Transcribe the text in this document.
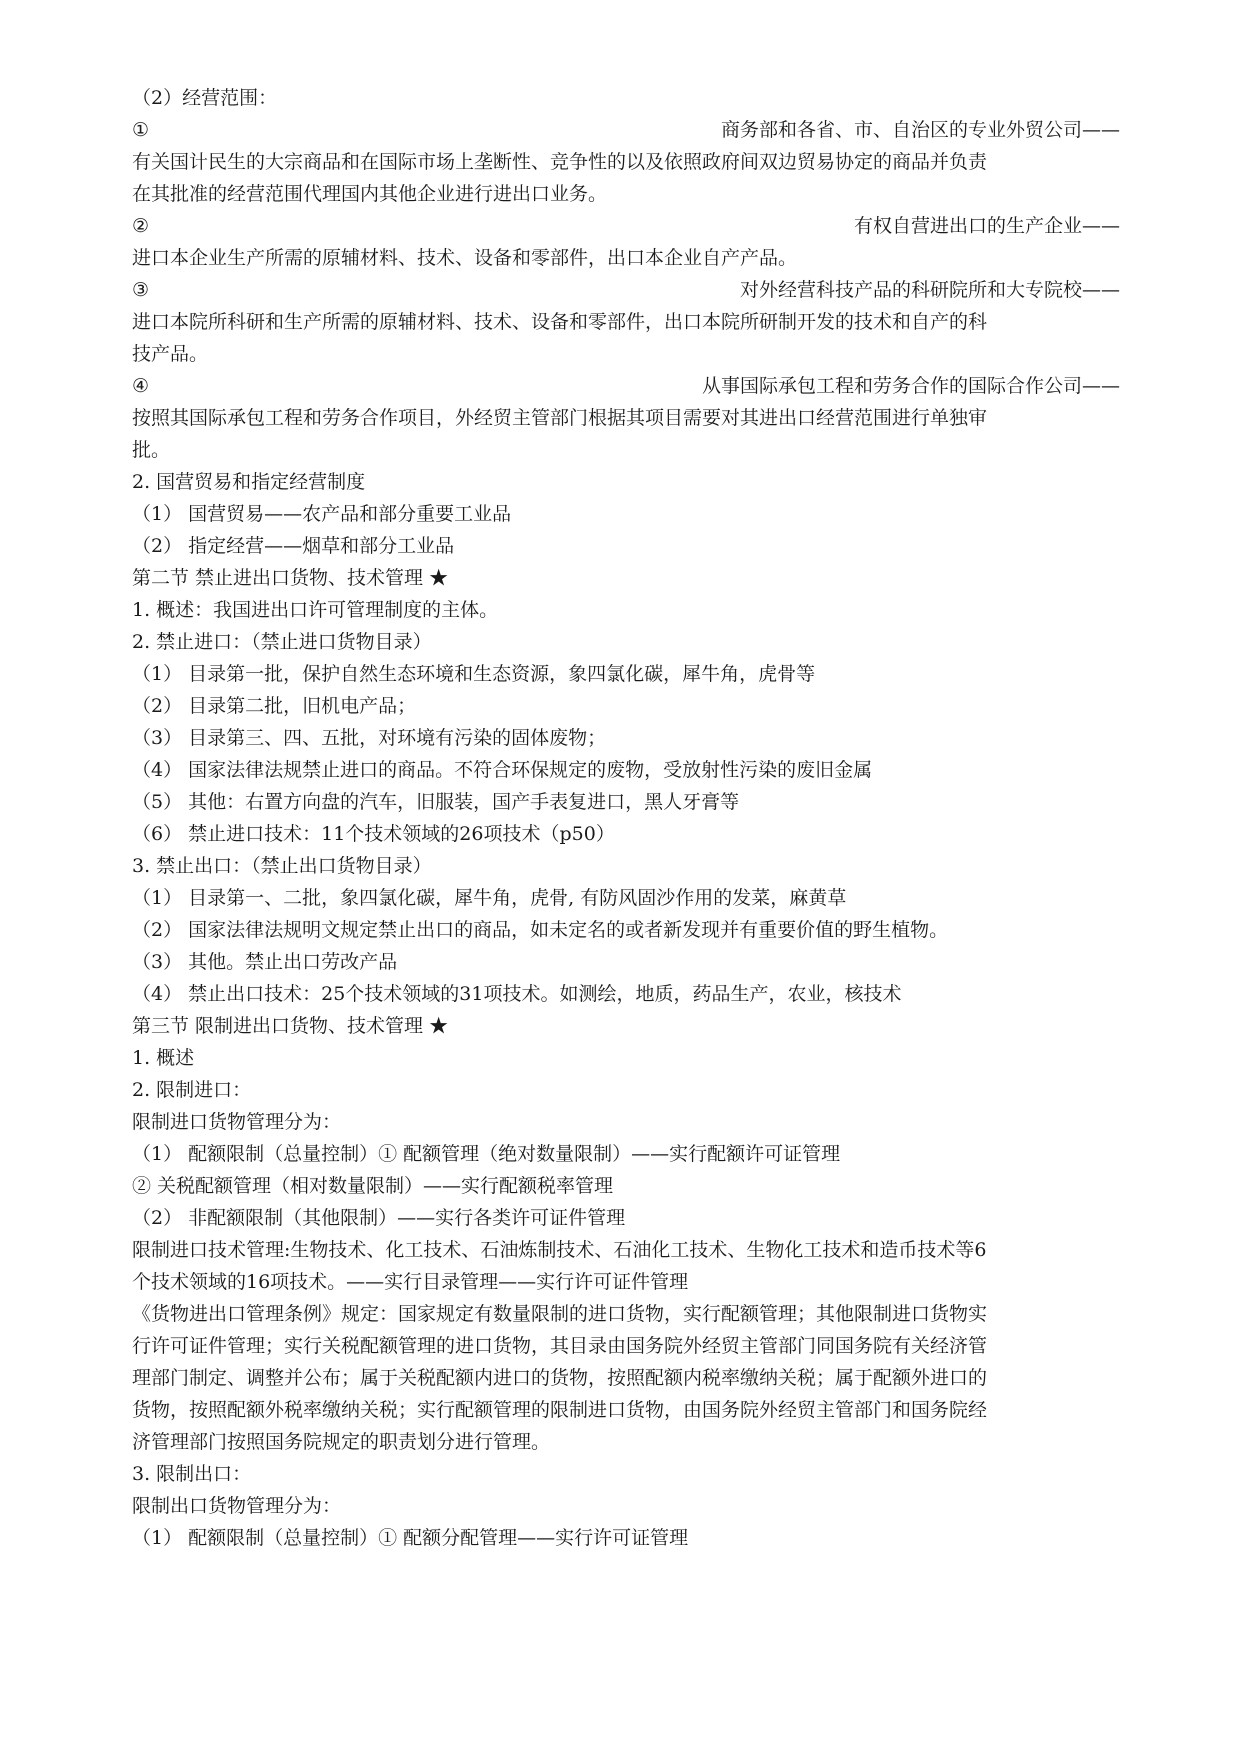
（2）经营范围：
①	商务部和各省、市、自治区的专业外贸公司——
有关国计民生的大宗商品和在国际市场上垄断性、竞争性的以及依照政府间双边贸易协定的商品并负责
在其批准的经营范围代理国内其他企业进行进出口业务。
②	有权自营进出口的生产企业——
进口本企业生产所需的原辅材料、技术、设备和零部件，出口本企业自产产品。
③	对外经营科技产品的科研院所和大专院校——
进口本院所科研和生产所需的原辅材料、技术、设备和零部件，出口本院所研制开发的技术和自产的科
技产品。
④	从事国际承包工程和劳务合作的国际合作公司——
按照其国际承包工程和劳务合作项目，外经贸主管部门根据其项目需要对其进出口经营范围进行单独审
批。
2. 国营贸易和指定经营制度
（1） 国营贸易——农产品和部分重要工业品
（2） 指定经营——烟草和部分工业品
第二节 禁止进出口货物、技术管理 ★
1. 概述：我国进出口许可管理制度的主体。
2. 禁止进口：（禁止进口货物目录）
（1） 目录第一批，保护自然生态环境和生态资源，象四氯化碳，犀牛角，虎骨等
（2） 目录第二批，旧机电产品；
（3） 目录第三、四、五批，对环境有污染的固体废物；
（4） 国家法律法规禁止进口的商品。不符合环保规定的废物，受放射性污染的废旧金属
（5） 其他：右置方向盘的汽车，旧服装，国产手表复进口，黑人牙膏等
（6） 禁止进口技术：11个技术领域的26项技术（p50）
3. 禁止出口：（禁止出口货物目录）
（1） 目录第一、二批，象四氯化碳，犀牛角，虎骨, 有防风固沙作用的发菜，麻黄草
（2） 国家法律法规明文规定禁止出口的商品，如未定名的或者新发现并有重要价值的野生植物。
（3） 其他。禁止出口劳改产品
（4） 禁止出口技术：25个技术领域的31项技术。如测绘，地质，药品生产，农业，核技术
第三节 限制进出口货物、技术管理 ★
1. 概述
2. 限制进口：
限制进口货物管理分为：
（1） 配额限制（总量控制）① 配额管理（绝对数量限制）——实行配额许可证管理
② 关税配额管理（相对数量限制）——实行配额税率管理
（2） 非配额限制（其他限制）——实行各类许可证件管理
限制进口技术管理:生物技术、化工技术、石油炼制技术、石油化工技术、生物化工技术和造币技术等6
个技术领域的16项技术。——实行目录管理——实行许可证件管理
《货物进出口管理条例》规定：国家规定有数量限制的进口货物，实行配额管理；其他限制进口货物实
行许可证件管理；实行关税配额管理的进口货物，其目录由国务院外经贸主管部门同国务院有关经济管
理部门制定、调整并公布；属于关税配额内进口的货物，按照配额内税率缴纳关税；属于配额外进口的
货物，按照配额外税率缴纳关税；实行配额管理的限制进口货物，由国务院外经贸主管部门和国务院经
济管理部门按照国务院规定的职责划分进行管理。
3. 限制出口：
限制出口货物管理分为：
（1） 配额限制（总量控制）① 配额分配管理——实行许可证管理
